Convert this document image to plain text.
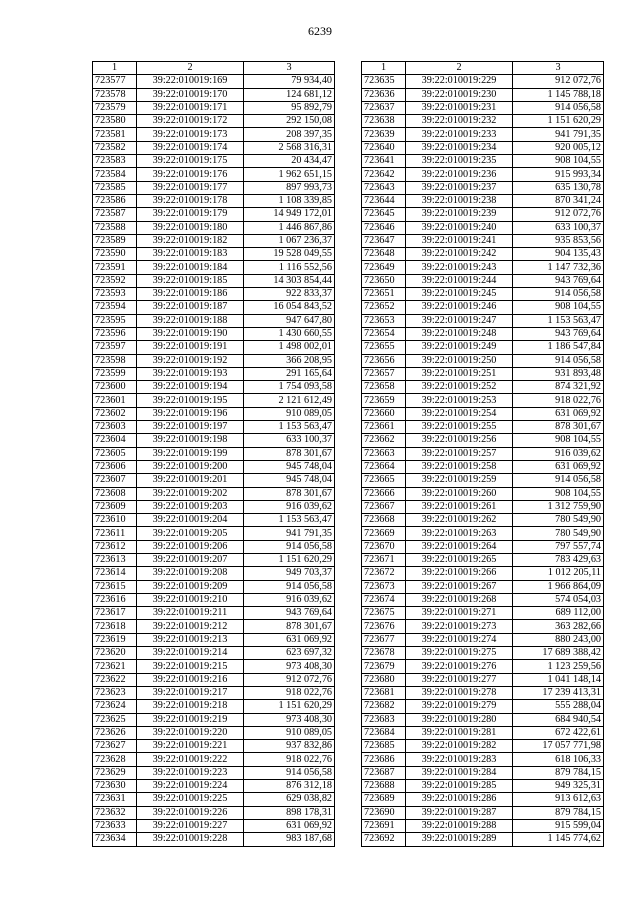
6239
1	2	3
723577	39:22:010019:169	79 934,40
723578	39:22:010019:170	124 681,12
723579	39:22:010019:171	95 892,79
723580	39:22:010019:172	292 150,08
723581	39:22:010019:173	208 397,35
723582	39:22:010019:174	2 568 316,31
723583	39:22:010019:175	20 434,47
723584	39:22:010019:176	1 962 651,15
723585	39:22:010019:177	897 993,73
723586	39:22:010019:178	1 108 339,85
723587	39:22:010019:179	14 949 172,01
723588	39:22:010019:180	1 446 867,86
723589	39:22:010019:182	1 067 236,37
723590	39:22:010019:183	19 528 049,55
723591	39:22:010019:184	1 116 552,56
723592	39:22:010019:185	14 303 854,44
723593	39:22:010019:186	922 833,37
723594	39:22:010019:187	16 054 843,52
723595	39:22:010019:188	947 647,80
723596	39:22:010019:190	1 430 660,55
723597	39:22:010019:191	1 498 002,01
723598	39:22:010019:192	366 208,95
723599	39:22:010019:193	291 165,64
723600	39:22:010019:194	1 754 093,58
723601	39:22:010019:195	2 121 612,49
723602	39:22:010019:196	910 089,05
723603	39:22:010019:197	1 153 563,47
723604	39:22:010019:198	633 100,37
723605	39:22:010019:199	878 301,67
723606	39:22:010019:200	945 748,04
723607	39:22:010019:201	945 748,04
723608	39:22:010019:202	878 301,67
723609	39:22:010019:203	916 039,62
723610	39:22:010019:204	1 153 563,47
723611	39:22:010019:205	941 791,35
723612	39:22:010019:206	914 056,58
723613	39:22:010019:207	1 151 620,29
723614	39:22:010019:208	949 703,37
723615	39:22:010019:209	914 056,58
723616	39:22:010019:210	916 039,62
723617	39:22:010019:211	943 769,64
723618	39:22:010019:212	878 301,67
723619	39:22:010019:213	631 069,92
723620	39:22:010019:214	623 697,32
723621	39:22:010019:215	973 408,30
723622	39:22:010019:216	912 072,76
723623	39:22:010019:217	918 022,76
723624	39:22:010019:218	1 151 620,29
723625	39:22:010019:219	973 408,30
723626	39:22:010019:220	910 089,05
723627	39:22:010019:221	937 832,86
723628	39:22:010019:222	918 022,76
723629	39:22:010019:223	914 056,58
723630	39:22:010019:224	876 312,18
723631	39:22:010019:225	629 038,82
723632	39:22:010019:226	898 178,31
723633	39:22:010019:227	631 069,92
723634	39:22:010019:228	983 187,68
1	2	3
723635	39:22:010019:229	912 072,76
723636	39:22:010019:230	1 145 788,18
723637	39:22:010019:231	914 056,58
723638	39:22:010019:232	1 151 620,29
723639	39:22:010019:233	941 791,35
723640	39:22:010019:234	920 005,12
723641	39:22:010019:235	908 104,55
723642	39:22:010019:236	915 993,34
723643	39:22:010019:237	635 130,78
723644	39:22:010019:238	870 341,24
723645	39:22:010019:239	912 072,76
723646	39:22:010019:240	633 100,37
723647	39:22:010019:241	935 853,56
723648	39:22:010019:242	904 135,43
723649	39:22:010019:243	1 147 732,36
723650	39:22:010019:244	943 769,64
723651	39:22:010019:245	914 056,58
723652	39:22:010019:246	908 104,55
723653	39:22:010019:247	1 153 563,47
723654	39:22:010019:248	943 769,64
723655	39:22:010019:249	1 186 547,84
723656	39:22:010019:250	914 056,58
723657	39:22:010019:251	931 893,48
723658	39:22:010019:252	874 321,92
723659	39:22:010019:253	918 022,76
723660	39:22:010019:254	631 069,92
723661	39:22:010019:255	878 301,67
723662	39:22:010019:256	908 104,55
723663	39:22:010019:257	916 039,62
723664	39:22:010019:258	631 069,92
723665	39:22:010019:259	914 056,58
723666	39:22:010019:260	908 104,55
723667	39:22:010019:261	1 312 759,90
723668	39:22:010019:262	780 549,90
723669	39:22:010019:263	780 549,90
723670	39:22:010019:264	797 557,74
723671	39:22:010019:265	783 429,63
723672	39:22:010019:266	1 012 205,11
723673	39:22:010019:267	1 966 864,09
723674	39:22:010019:268	574 054,03
723675	39:22:010019:271	689 112,00
723676	39:22:010019:273	363 282,66
723677	39:22:010019:274	880 243,00
723678	39:22:010019:275	17 689 388,42
723679	39:22:010019:276	1 123 259,56
723680	39:22:010019:277	1 041 148,14
723681	39:22:010019:278	17 239 413,31
723682	39:22:010019:279	555 288,04
723683	39:22:010019:280	684 940,54
723684	39:22:010019:281	672 422,61
723685	39:22:010019:282	17 057 771,98
723686	39:22:010019:283	618 106,33
723687	39:22:010019:284	879 784,15
723688	39:22:010019:285	949 325,31
723689	39:22:010019:286	913 612,63
723690	39:22:010019:287	879 784,15
723691	39:22:010019:288	915 599,04
723692	39:22:010019:289	1 145 774,62
